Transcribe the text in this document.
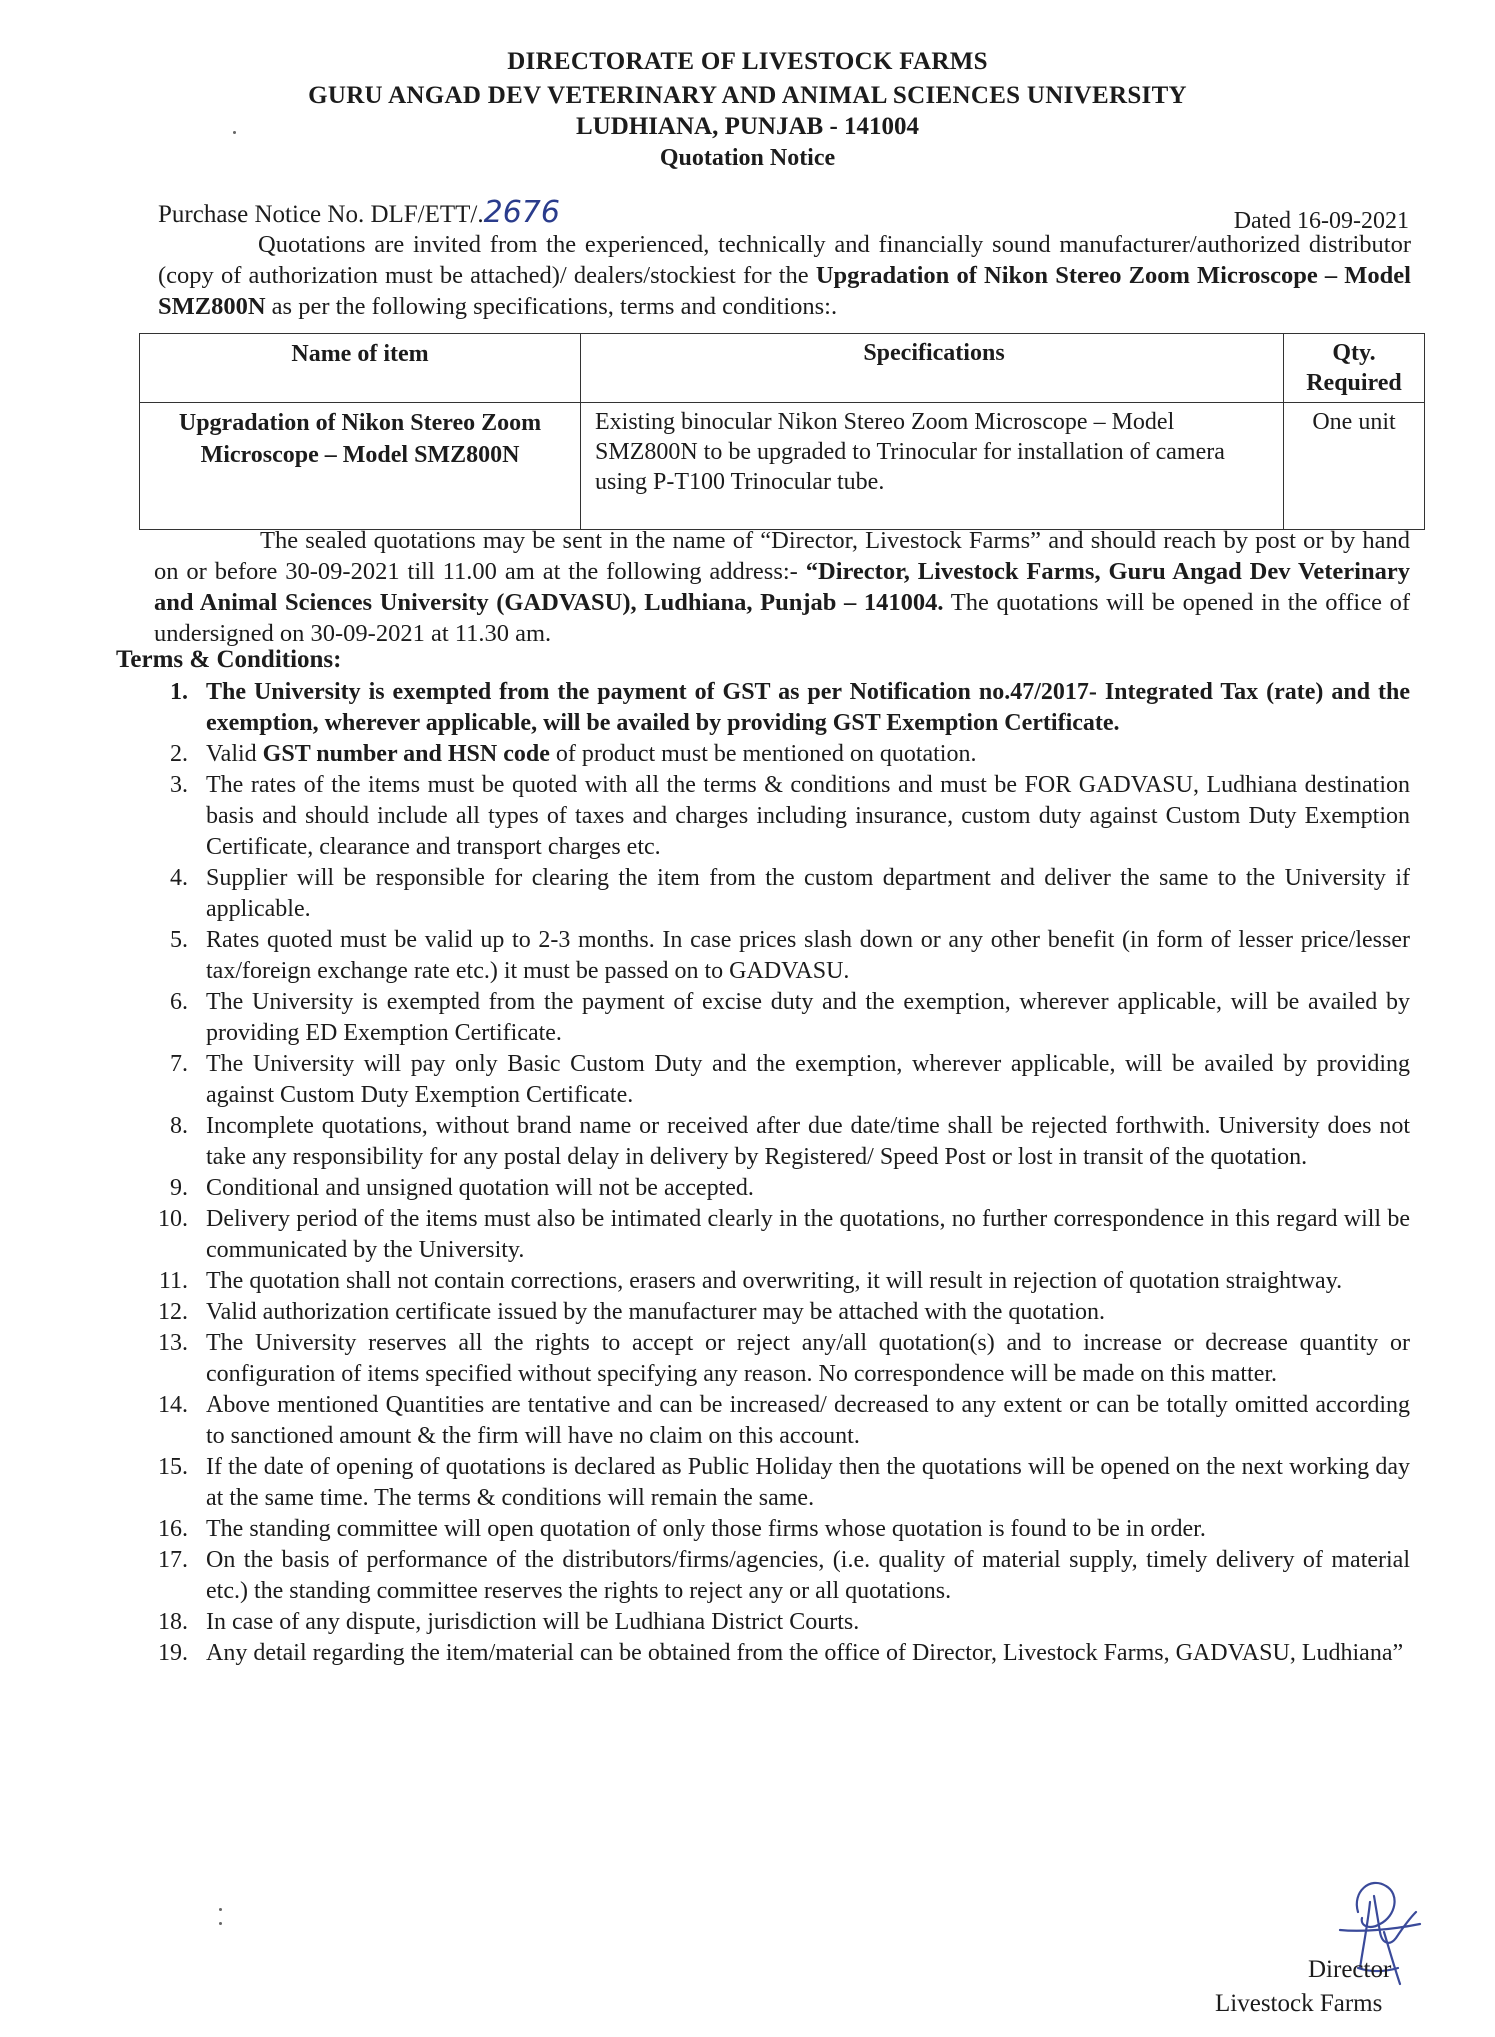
DIRECTORATE OF LIVESTOCK FARMS
GURU ANGAD DEV VETERINARY AND ANIMAL SCIENCES UNIVERSITY
LUDHIANA, PUNJAB - 141004
Quotation Notice
Purchase Notice No. DLF/ETT/.2676	Dated 16-09-2021
Quotations are invited from the experienced, technically and financially sound manufacturer/authorized distributor (copy of authorization must be attached)/ dealers/stockiest for the Upgradation of Nikon Stereo Zoom Microscope – Model SMZ800N as per the following specifications, terms and conditions:.
Name of item	Specifications	Qty. Required
Upgradation of Nikon Stereo Zoom Microscope – Model SMZ800N	Existing binocular Nikon Stereo Zoom Microscope – Model SMZ800N to be upgraded to Trinocular for installation of camera using P-T100 Trinocular tube.	One unit
The sealed quotations may be sent in the name of “Director, Livestock Farms” and should reach by post or by hand on or before 30-09-2021 till 11.00 am at the following address:- “Director, Livestock Farms, Guru Angad Dev Veterinary and Animal Sciences University (GADVASU), Ludhiana, Punjab – 141004. The quotations will be opened in the office of undersigned on 30-09-2021 at 11.30 am.
Terms & Conditions:
1. The University is exempted from the payment of GST as per Notification no.47/2017- Integrated Tax (rate) and the exemption, wherever applicable, will be availed by providing GST Exemption Certificate.
2. Valid GST number and HSN code of product must be mentioned on quotation.
3. The rates of the items must be quoted with all the terms & conditions and must be FOR GADVASU, Ludhiana destination basis and should include all types of taxes and charges including insurance, custom duty against Custom Duty Exemption Certificate, clearance and transport charges etc.
4. Supplier will be responsible for clearing the item from the custom department and deliver the same to the University if applicable.
5. Rates quoted must be valid up to 2-3 months. In case prices slash down or any other benefit (in form of lesser price/lesser tax/foreign exchange rate etc.) it must be passed on to GADVASU.
6. The University is exempted from the payment of excise duty and the exemption, wherever applicable, will be availed by providing ED Exemption Certificate.
7. The University will pay only Basic Custom Duty and the exemption, wherever applicable, will be availed by providing against Custom Duty Exemption Certificate.
8. Incomplete quotations, without brand name or received after due date/time shall be rejected forthwith. University does not take any responsibility for any postal delay in delivery by Registered/ Speed Post or lost in transit of the quotation.
9. Conditional and unsigned quotation will not be accepted.
10. Delivery period of the items must also be intimated clearly in the quotations, no further correspondence in this regard will be communicated by the University.
11. The quotation shall not contain corrections, erasers and overwriting, it will result in rejection of quotation straightway.
12. Valid authorization certificate issued by the manufacturer may be attached with the quotation.
13. The University reserves all the rights to accept or reject any/all quotation(s) and to increase or decrease quantity or configuration of items specified without specifying any reason. No correspondence will be made on this matter.
14. Above mentioned Quantities are tentative and can be increased/ decreased to any extent or can be totally omitted according to sanctioned amount & the firm will have no claim on this account.
15. If the date of opening of quotations is declared as Public Holiday then the quotations will be opened on the next working day at the same time. The terms & conditions will remain the same.
16. The standing committee will open quotation of only those firms whose quotation is found to be in order.
17. On the basis of performance of the distributors/firms/agencies, (i.e. quality of material supply, timely delivery of material etc.) the standing committee reserves the rights to reject any or all quotations.
18. In case of any dispute, jurisdiction will be Ludhiana District Courts.
19. Any detail regarding the item/material can be obtained from the office of Director, Livestock Farms, GADVASU, Ludhiana”
Director
Livestock Farms
